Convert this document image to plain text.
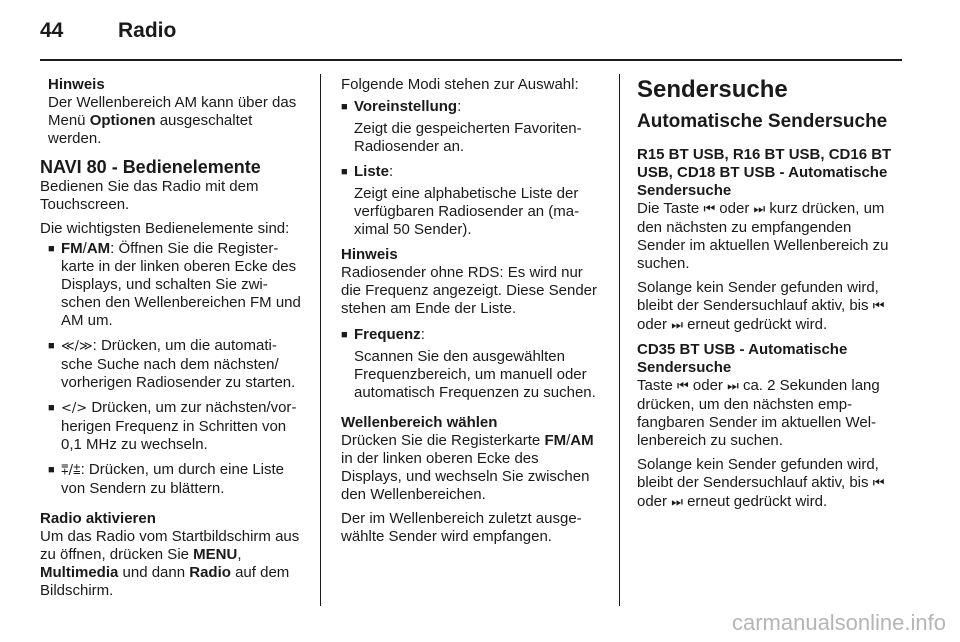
44	Radio
Hinweis

Der Wellenbereich AM kann über das Menü Optionen ausgeschaltet werden.

NAVI 80 - Bedienelemente

Bedienen Sie das Radio mit dem Touchscreen.

Die wichtigsten Bedienelemente sind:

■ FM/AM: Öffnen Sie die Registerkarte in der linken oberen Ecke des Displays, und schalten Sie zwischen den Wellenbereichen FM und AM um.
■ ≪/≫: Drücken, um die automatische Suche nach dem nächsten/ vorherigen Radiosender zu starten.
■ </> Drücken, um zur nächsten/vorherigen Frequenz in Schritten von 0,1 MHz zu wechseln.
■ ⩱/⩲: Drücken, um durch eine Liste von Sendern zu blättern.
Radio aktivieren

Um das Radio vom Startbildschirm aus zu öffnen, drücken Sie MENU, Multimedia und dann Radio auf dem Bildschirm.

Folgende Modi stehen zur Auswahl:

■ Voreinstellung:
Zeigt die gespeicherten Favoriten-Radiosender an.
■ Liste:
Zeigt eine alphabetische Liste der verfügbaren Radiosender an (maximal 50 Sender).
Hinweis

Radiosender ohne RDS: Es wird nur die Frequenz angezeigt. Diese Sender stehen am Ende der Liste.

■ Frequenz:
Scannen Sie den ausgewählten Frequenzbereich, um manuell oder automatisch Frequenzen zu suchen.
Wellenbereich wählen

Drücken Sie die Registerkarte FM/AM in der linken oberen Ecke des Displays, und wechseln Sie zwischen den Wellenbereichen.

Der im Wellenbereich zuletzt ausgewählte Sender wird empfangen.

Sendersuche
Automatische Sendersuche
R15 BT USB, R16 BT USB, CD16 BT USB, CD18 BT USB - Automatische Sendersuche

Die Taste ⏮ oder ⏭ kurz drücken, um den nächsten zu empfangenden Sender im aktuellen Wellenbereich zu suchen.

Solange kein Sender gefunden wird, bleibt der Sendersuchlauf aktiv, bis ⏮ oder ⏭ erneut gedrückt wird.

CD35 BT USB - Automatische Sendersuche

Taste ⏮ oder ⏭ ca. 2 Sekunden lang drücken, um den nächsten empfangbaren Sender im aktuellen Wellenbereich zu suchen.

Solange kein Sender gefunden wird, bleibt der Sendersuchlauf aktiv, bis ⏮ oder ⏭ erneut gedrückt wird.

carmanualsonline.info
